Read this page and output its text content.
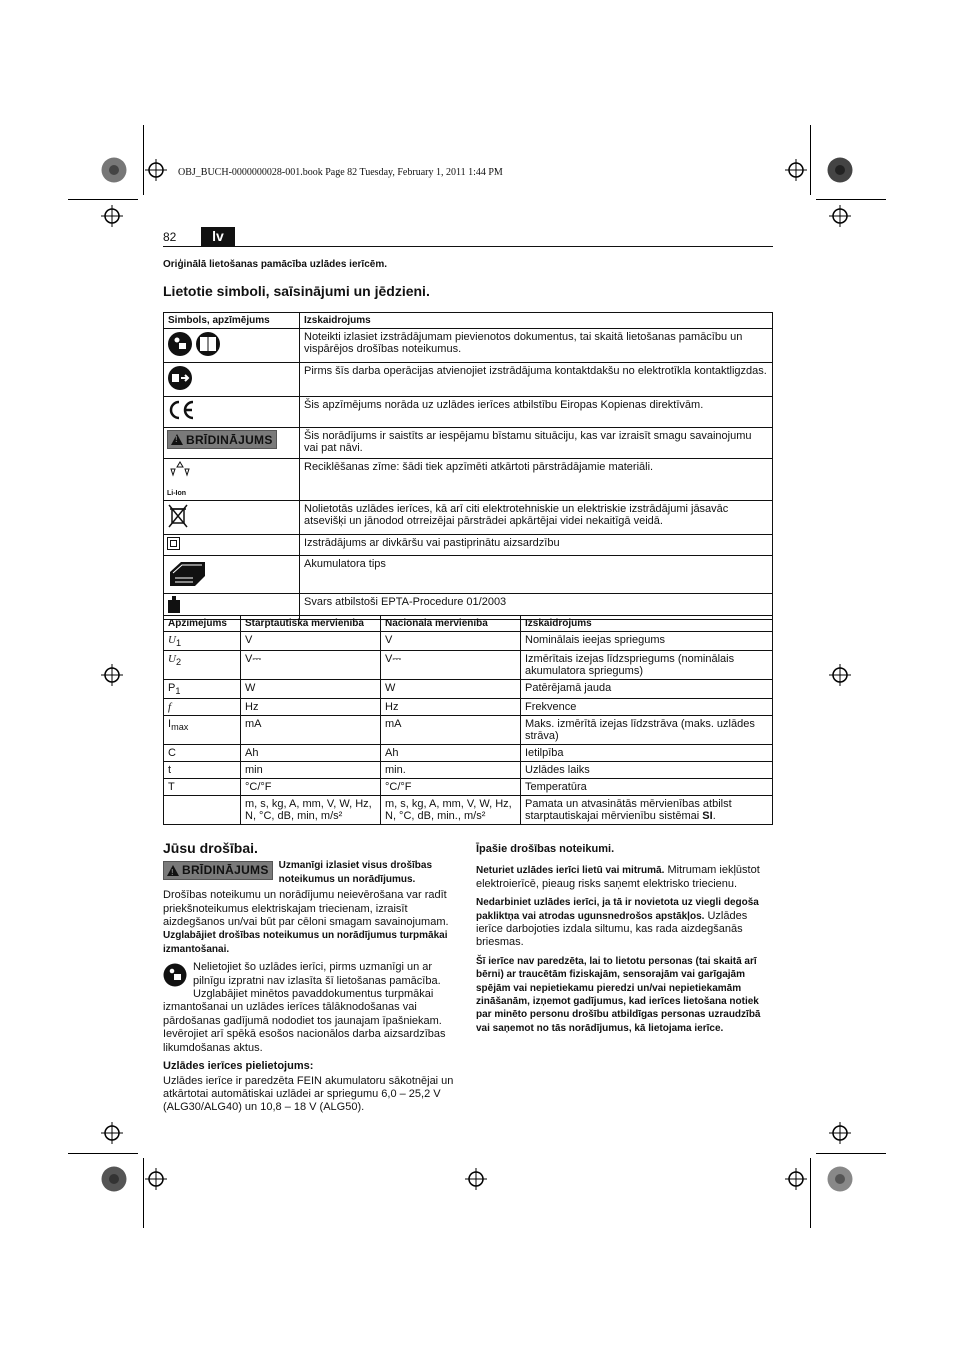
OBJ_BUCH-0000000028-001.book Page 82 Tuesday, February 1, 2011 1:44 PM
82	lv
Oriģinālā lietošanas pamācība uzlādes ierīcēm.
Lietotie simboli, saīsinājumi un jēdzieni.
Simbols, apzīmējums	Izskaidrojums
	Noteikti izlasiet izstrādājumam pievienotos dokumentus, tai skaitā lietošanas pamācību un vispārējos drošības noteikumus.
	Pirms šīs darba operācijas atvienojiet izstrādājuma kontaktdakšu no elektrotīkla kontaktligzdas.
	Šis apzīmējums norāda uz uzlādes ierīces atbilstību Eiropas Kopienas direktīvām.

!
BRĪDINĀJUMS	Šis norādījums ir saistīts ar iespējamu bīstamu situāciju, kas var izraisīt smagu savainojumu vai pat nāvi.

Li-Ion	Reciklēšanas zīme: šādi tiek apzīmēti atkārtoti pārstrādājamie materiāli.
	Nolietotās uzlādes ierīces, kā arī citi elektrotehniskie un elektriskie izstrādājumi jāsavāc atsevišķi un jānodod otrreizējai pārstrādei apkārtējai videi nekaitīgā veidā.
	Izstrādājums ar divkāršu vai pastiprinātu aizsardzību
	Akumulatora tips
	Svars atbilstoši EPTA-Procedure 01/2003
Apzīmējums	Starptautiskā mērvienība	Nacionālā mērvienība	Izskaidrojums
$U_1$	V	V	Nominālais ieejas spriegums
$U_2$	V⎓	V⎓	Izmērītais izejas līdzspriegums (nominālais akumulatora spriegums)
$P_1$	W	W	Patērējamā jauda
f	Hz	Hz	Frekvence
$I_{max}$	mA	mA	Maks. izmērītā izejas līdzstrāva (maks. uzlādes strāva)
C	Ah	Ah	Ietilpība
t	min	min.	Uzlādes laiks
T	°C/°F	°C/°F	Temperatūra
	m, s, kg, A, mm, V, W, Hz, N, °C, dB, min, m/s²	m, s, kg, A, mm, V, W, Hz, N, °C, dB, min., m/s²	Pamata un atvasinātās mērvienības atbilst starptautiskajai mērvienību sistēmai SI.
Jūsu drošībai.
!
BRĪDINĀJUMS Uzmanīgi izlasiet visus drošības noteikumus un norādījumus.

Drošības noteikumu un norādījumu neievērošana var radīt priekšnoteikumus elektriskajam triecienam, izraisīt aizdegšanos un/vai būt par cēloni smagam savainojumam.

Uzglabājiet drošības noteikumus un norādījumus turpmākai izmantošanai.

Nelietojiet šo uzlādes ierīci, pirms uzmanīgi un ar pilnīgu izpratni nav izlasīta šī lietošanas pamācība. Uzglabājiet minētos pavaddokumentus turpmākai izmantošanai un uzlādes ierīces tālāknodošanas vai pārdošanas gadījumā nododiet tos jaunajam īpašniekam. Ievērojiet arī spēkā esošos nacionālos darba aizsardzības likumdošanas aktus.

Uzlādes ierīces pielietojums:

Uzlādes ierīce ir paredzēta FEIN akumulatoru sākotnējai un atkārtotai automātiskai uzlādei ar spriegumu 6,0 – 25,2 V (ALG30/ALG40) un 10,8 – 18 V (ALG50).

Īpašie drošības noteikumi.

Neturiet uzlādes ierīci lietū vai mitrumā. Mitrumam iekļūstot elektroierīcē, pieaug risks saņemt elektrisko triecienu.

Nedarbiniet uzlādes ierīci, ja tā ir novietota uz viegli degoša pakliktņa vai atrodas ugunsnedrošos apstākļos. Uzlādes ierīce darbojoties izdala siltumu, kas rada aizdegšanās briesmas.

Šī ierīce nav paredzēta, lai to lietotu personas (tai skaitā arī bērni) ar traucētām fiziskajām, sensorajām vai garīgajām spējām vai nepietiekamu pieredzi un/vai nepietiekamām zināšanām, izņemot gadījumus, kad ierīces lietošana notiek par minēto personu drošību atbildīgas personas uzraudzībā vai saņemot no tās norādījumus, kā lietojama ierīce.
